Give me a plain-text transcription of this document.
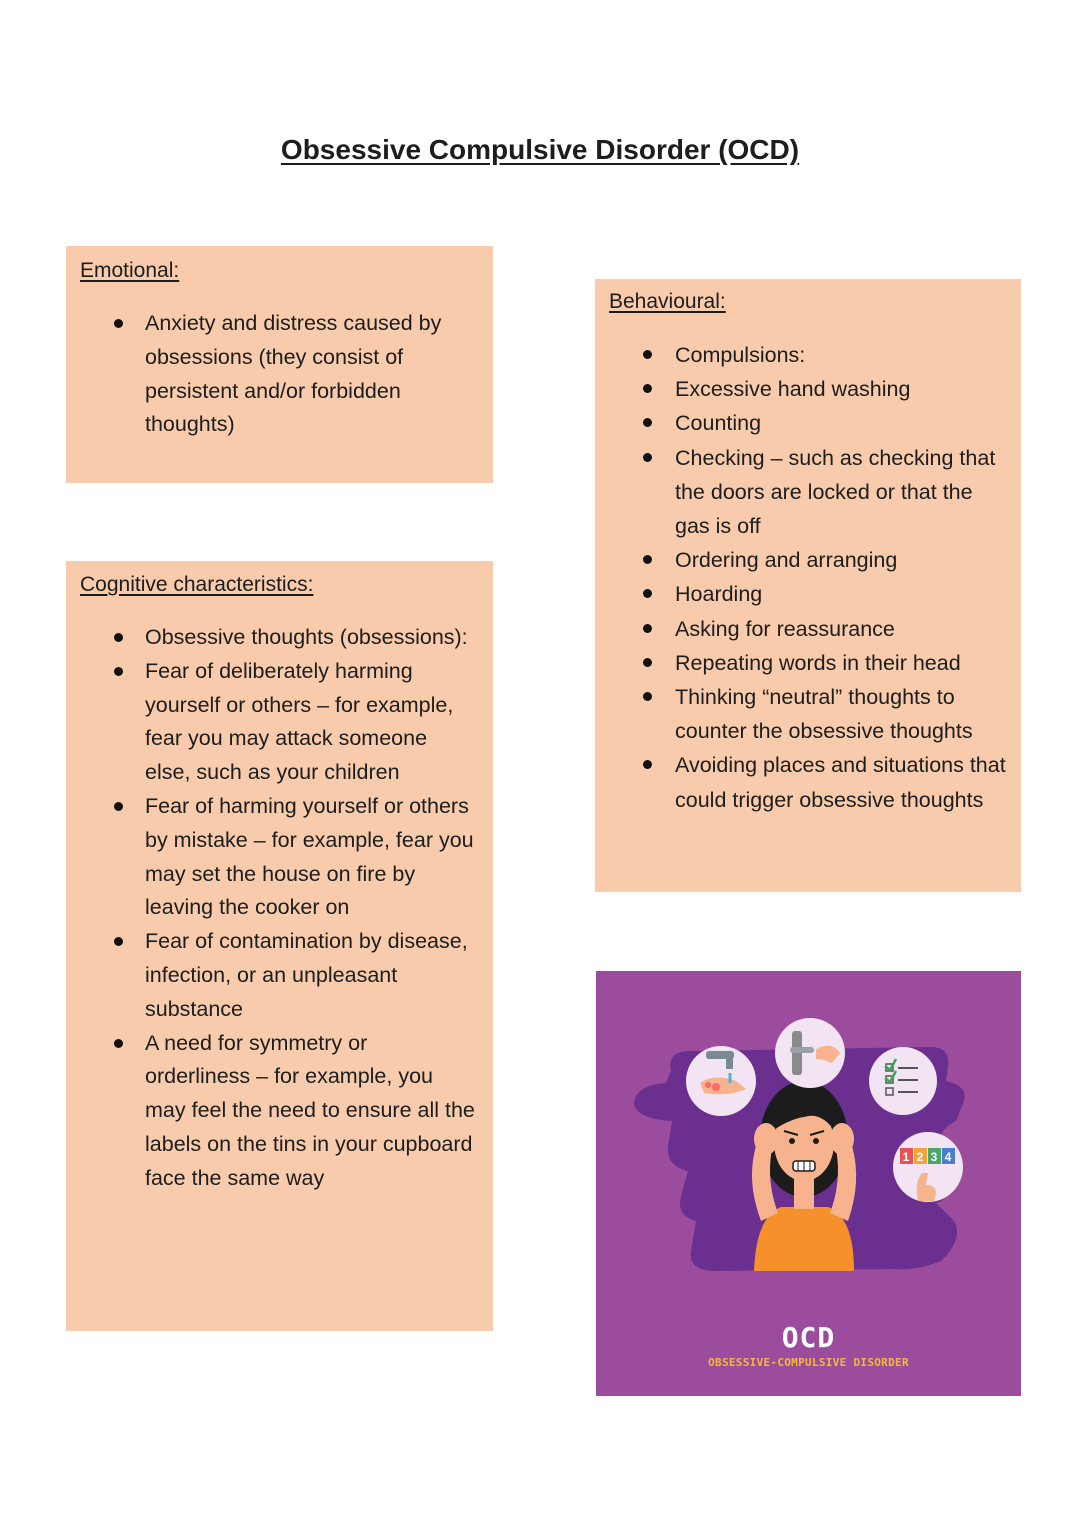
Obsessive Compulsive Disorder (OCD)
Emotional:
Anxiety and distress caused by obsessions (they consist of persistent and/or forbidden thoughts)
Cognitive characteristics:
Obsessive thoughts (obsessions):
Fear of deliberately harming yourself or others – for example, fear you may attack someone else, such as your children
Fear of harming yourself or others by mistake – for example, fear you may set the house on fire by leaving the cooker on
Fear of contamination by disease, infection, or an unpleasant substance
A need for symmetry or orderliness – for example, you may feel the need to ensure all the labels on the tins in your cupboard face the same way
Behavioural:
Compulsions:
Excessive hand washing
Counting
Checking – such as checking that the doors are locked or that the gas is off
Ordering and arranging
Hoarding
Asking for reassurance
Repeating words in their head
Thinking “neutral” thoughts to counter the obsessive thoughts
Avoiding places and situations that could trigger obsessive thoughts
1 2 3 4
OCD
OBSESSIVE-COMPULSIVE DISORDER
